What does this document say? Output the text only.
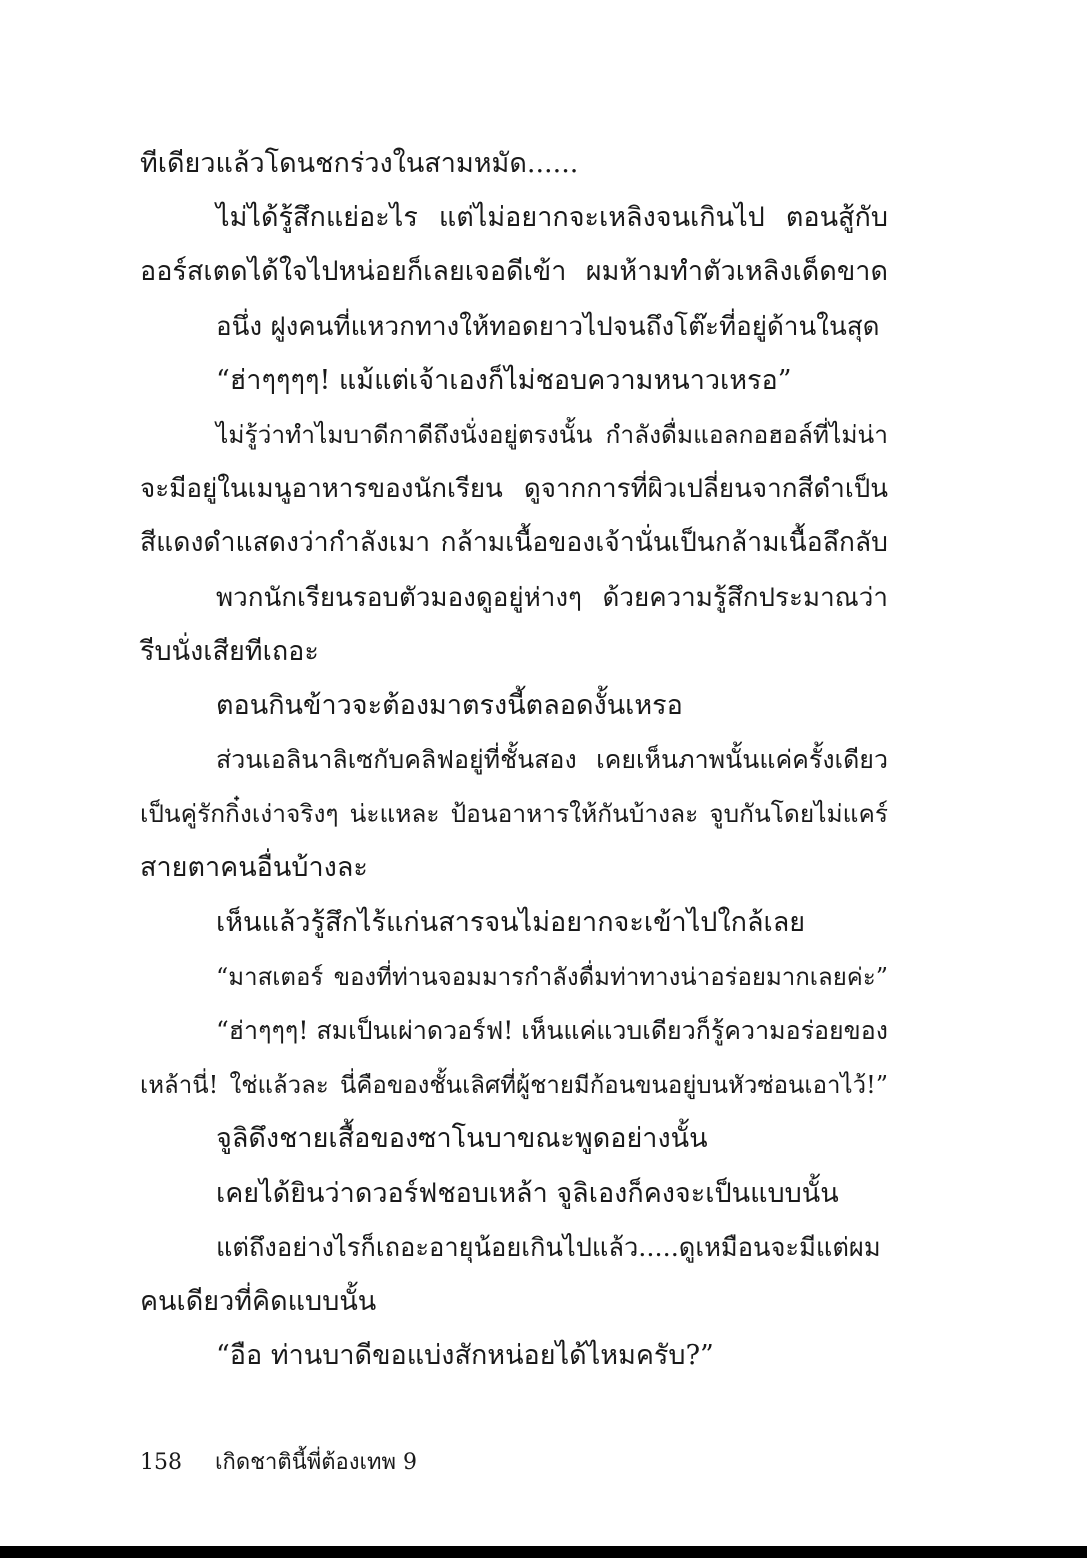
ทีเดียวแล้วโดนชกร่วงในสามหมัด......
ไม่ได้รู้สึกแย่อะไร แต่ไม่อยากจะเหลิงจนเกินไป ตอนสู้กับ
ออร์สเตดได้ใจไปหน่อยก็เลยเจอดีเข้า ผมห้ามทำตัวเหลิงเด็ดขาด
อนึ่ง ฝูงคนที่แหวกทางให้ทอดยาวไปจนถึงโต๊ะที่อยู่ด้านในสุด
“ฮ่าๆๆๆๆ! แม้แต่เจ้าเองก็ไม่ชอบความหนาวเหรอ”
ไม่รู้ว่าทำไมบาดีกาดีถึงนั่งอยู่ตรงนั้น กำลังดื่มแอลกอฮอล์ที่ไม่น่า
จะมีอยู่ในเมนูอาหารของนักเรียน ดูจากการที่ผิวเปลี่ยนจากสีดำเป็น
สีแดงดำแสดงว่ากำลังเมา กล้ามเนื้อของเจ้านั่นเป็นกล้ามเนื้อลึกลับ
พวกนักเรียนรอบตัวมองดูอยู่ห่างๆ ด้วยความรู้สึกประมาณว่า
รีบนั่งเสียทีเถอะ
ตอนกินข้าวจะต้องมาตรงนี้ตลอดงั้นเหรอ
ส่วนเอลินาลิเซกับคลิฟอยู่ที่ชั้นสอง เคยเห็นภาพนั้นแค่ครั้งเดียว
เป็นคู่รักกิ๋งเง่าจริงๆ น่ะแหละ ป้อนอาหารให้กันบ้างละ จูบกันโดยไม่แคร์
สายตาคนอื่นบ้างละ
เห็นแล้วรู้สึกไร้แก่นสารจนไม่อยากจะเข้าไปใกล้เลย
“มาสเตอร์ ของที่ท่านจอมมารกำลังดื่มท่าทางน่าอร่อยมากเลยค่ะ”
“ฮ่าๆๆๆ! สมเป็นเผ่าดวอร์ฟ! เห็นแค่แวบเดียวก็รู้ความอร่อยของ
เหล้านี่! ใช่แล้วละ นี่คือของชั้นเลิศที่ผู้ชายมีก้อนขนอยู่บนหัวซ่อนเอาไว้!”
จูลิดึงชายเสื้อของซาโนบาขณะพูดอย่างนั้น
เคยได้ยินว่าดวอร์ฟชอบเหล้า จูลิเองก็คงจะเป็นแบบนั้น
แต่ถึงอย่างไรก็เถอะอายุน้อยเกินไปแล้ว.....ดูเหมือนจะมีแต่ผม
คนเดียวที่คิดแบบนั้น
“อือ ท่านบาดีขอแบ่งสักหน่อยได้ไหมครับ?”
158 เกิดชาตินี้พี่ต้องเทพ 9
